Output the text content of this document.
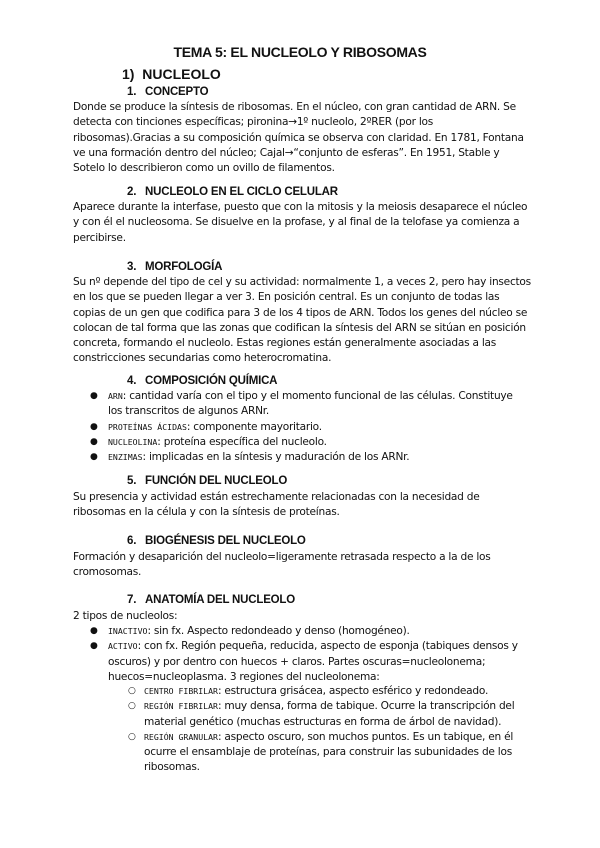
TEMA 5: EL NUCLEOLO Y RIBOSOMAS
1) NUCLEOLO
1. CONCEPTO
Donde se produce la síntesis de ribosomas. En el núcleo, con gran cantidad de ARN. Se detecta con tinciones específicas; pironina→1º nucleolo, 2ºRER (por los ribosomas).Gracias a su composición química se observa con claridad. En 1781, Fontana ve una formación dentro del núcleo; Cajal→“conjunto de esferas”. En 1951, Stable y Sotelo lo describieron como un ovillo de filamentos.
2. NUCLEOLO EN EL CICLO CELULAR
Aparece durante la interfase, puesto que con la mitosis y la meiosis desaparece el núcleo y con él el nucleosoma. Se disuelve en la profase, y al final de la telofase ya comienza a percibirse.
3. MORFOLOGÍA
Su nº depende del tipo de cel y su actividad: normalmente 1, a veces 2, pero hay insectos en los que se pueden llegar a ver 3. En posición central. Es un conjunto de todas las copias de un gen que codifica para 3 de los 4 tipos de ARN. Todos los genes del núcleo se colocan de tal forma que las zonas que codifican la síntesis del ARN se sitúan en posición concreta, formando el nucleolo. Estas regiones están generalmente asociadas a las constricciones secundarias como heterocromatina.
4. COMPOSICIÓN QUÍMICA
● ARN: cantidad varía con el tipo y el momento funcional de las células. Constituye los transcritos de algunos ARNr.
● PROTEÍNAS ÁCIDAS: componente mayoritario.
● NUCLEOLINA: proteína específica del nucleolo.
● ENZIMAS: implicadas en la síntesis y maduración de los ARNr.
5. FUNCIÓN DEL NUCLEOLO
Su presencia y actividad están estrechamente relacionadas con la necesidad de ribosomas en la célula y con la síntesis de proteínas.
6. BIOGÉNESIS DEL NUCLEOLO
Formación y desaparición del nucleolo=ligeramente retrasada respecto a la de los cromosomas.
7. ANATOMÍA DEL NUCLEOLO
2 tipos de nucleolos:
● INACTIVO: sin fx. Aspecto redondeado y denso (homogéneo).
● ACTIVO: con fx. Región pequeña, reducida, aspecto de esponja (tabiques densos y oscuros) y por dentro con huecos + claros. Partes oscuras=nucleolonema; huecos=nucleoplasma. 3 regiones del nucleolonema:
○ CENTRO FIBRILAR: estructura grisácea, aspecto esférico y redondeado.
○ REGIÓN FIBRILAR: muy densa, forma de tabique. Ocurre la transcripción del material genético (muchas estructuras en forma de árbol de navidad).
○ REGIÓN GRANULAR: aspecto oscuro, son muchos puntos. Es un tabique, en él ocurre el ensamblaje de proteínas, para construir las subunidades de los ribosomas.
